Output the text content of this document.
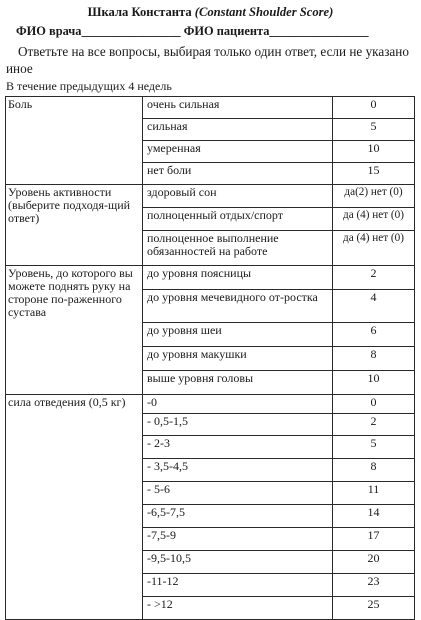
Шкала Константа (Constant Shoulder Score)
ФИО врача________________ ФИО пациента________________
Ответьте на все вопросы, выбирая только один ответ, если не указано иное
В течение предыдущих 4 недель
Боль	очень сильная	0
	сильная	5
	умеренная	10
	нет боли	15
Уровень активности (выберите подходя-щий ответ)	здоровый сон	да(2) нет (0)
	полноценный отдых/спорт	да (4) нет (0)
	полноценное выполнение обязанностей на работе	да (4) нет (0)
Уровень, до которого вы можете поднять руку на стороне по-раженного сустава	до уровня поясницы	2
	до уровня мечевидного от-ростка	4
	до уровня шеи	6
	до уровня макушки	8
	выше уровня головы	10
сила отведения (0,5 кг)	-0	0
	- 0,5-1,5	2
	- 2-3	5
	- 3,5-4,5	8
	- 5-6	11
	-6,5-7,5	14
	-7,5-9	17
	-9,5-10,5	20
	-11-12	23
	- >12	25
